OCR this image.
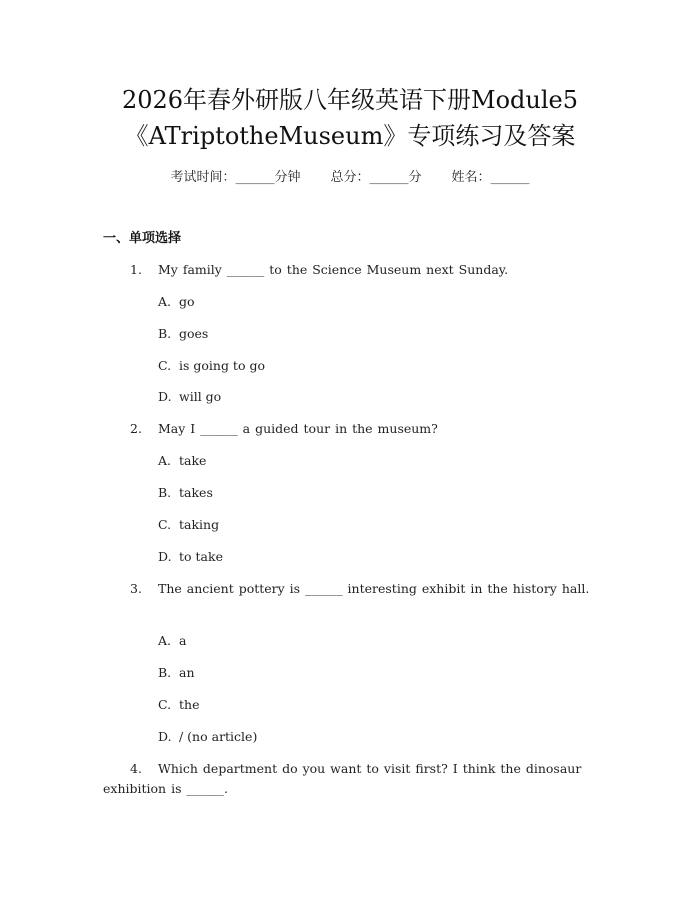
2026年春外研版八年级英语下册Module5
《ATriptotheMuseum》专项练习及答案
考试时间：______分钟 总分：______分 姓名：______
一、单项选择
1. My family ______ to the Science Museum next Sunday.
A. go
B. goes
C. is going to go
D. will go
2. May I ______ a guided tour in the museum?
A. take
B. takes
C. taking
D. to take
3. The ancient pottery is ______ interesting exhibit in the history hall.
A. a
B. an
C. the
D. / (no article)
4. Which department do you want to visit first? I think the dinosaur exhibition is ______.
